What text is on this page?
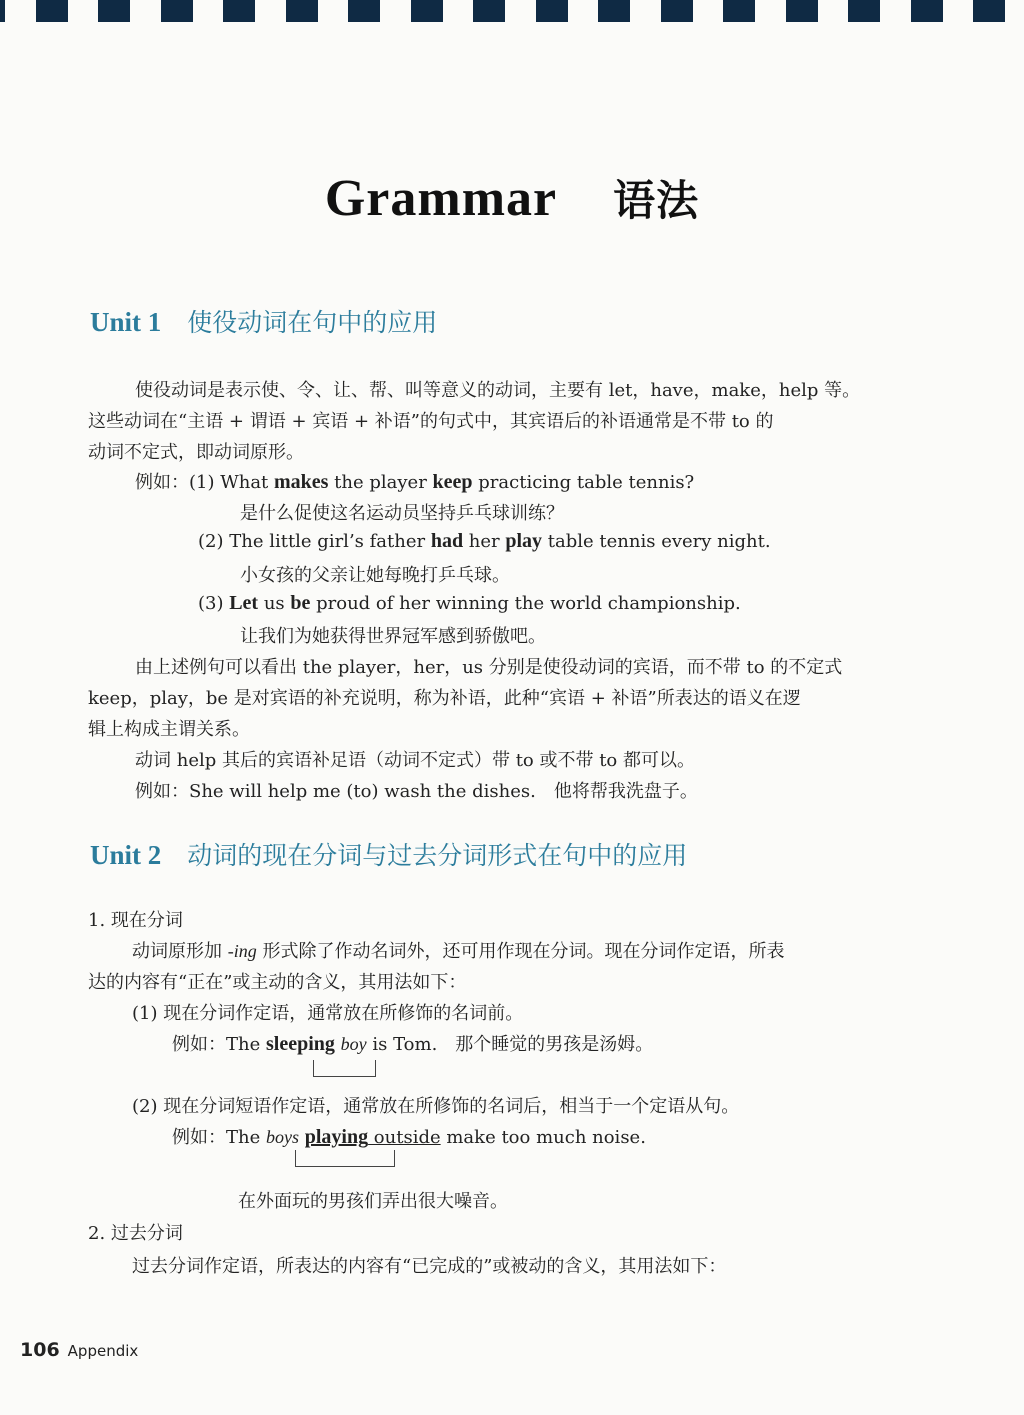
Grammar 语法
Unit 1 使役动词在句中的应用
使役动词是表示使、令、让、帮、叫等意义的动词，主要有 let，have，make，help 等。
这些动词在“主语 + 谓语 + 宾语 + 补语”的句式中，其宾语后的补语通常是不带 to 的
动词不定式，即动词原形。
例如：(1) What makes the player keep practicing table tennis?
是什么促使这名运动员坚持乒乓球训练？
(2) The little girl’s father had her play table tennis every night.
小女孩的父亲让她每晚打乒乓球。
(3) Let us be proud of her winning the world championship.
让我们为她获得世界冠军感到骄傲吧。
由上述例句可以看出 the player，her，us 分别是使役动词的宾语，而不带 to 的不定式
keep，play，be 是对宾语的补充说明，称为补语，此种“宾语 + 补语”所表达的语义在逻
辑上构成主谓关系。
动词 help 其后的宾语补足语（动词不定式）带 to 或不带 to 都可以。
例如：She will help me (to) wash the dishes.　他将帮我洗盘子。
Unit 2 动词的现在分词与过去分词形式在句中的应用
1. 现在分词
动词原形加 -ing 形式除了作动名词外，还可用作现在分词。现在分词作定语，所表
达的内容有“正在”或主动的含义，其用法如下：
(1) 现在分词作定语，通常放在所修饰的名词前。
例如：The sleeping boy is Tom.　那个睡觉的男孩是汤姆。
(2) 现在分词短语作定语，通常放在所修饰的名词后，相当于一个定语从句。
例如：The boys playing outside make too much noise.
在外面玩的男孩们弄出很大噪音。
2. 过去分词
过去分词作定语，所表达的内容有“已完成的”或被动的含义，其用法如下：
106 Appendix
